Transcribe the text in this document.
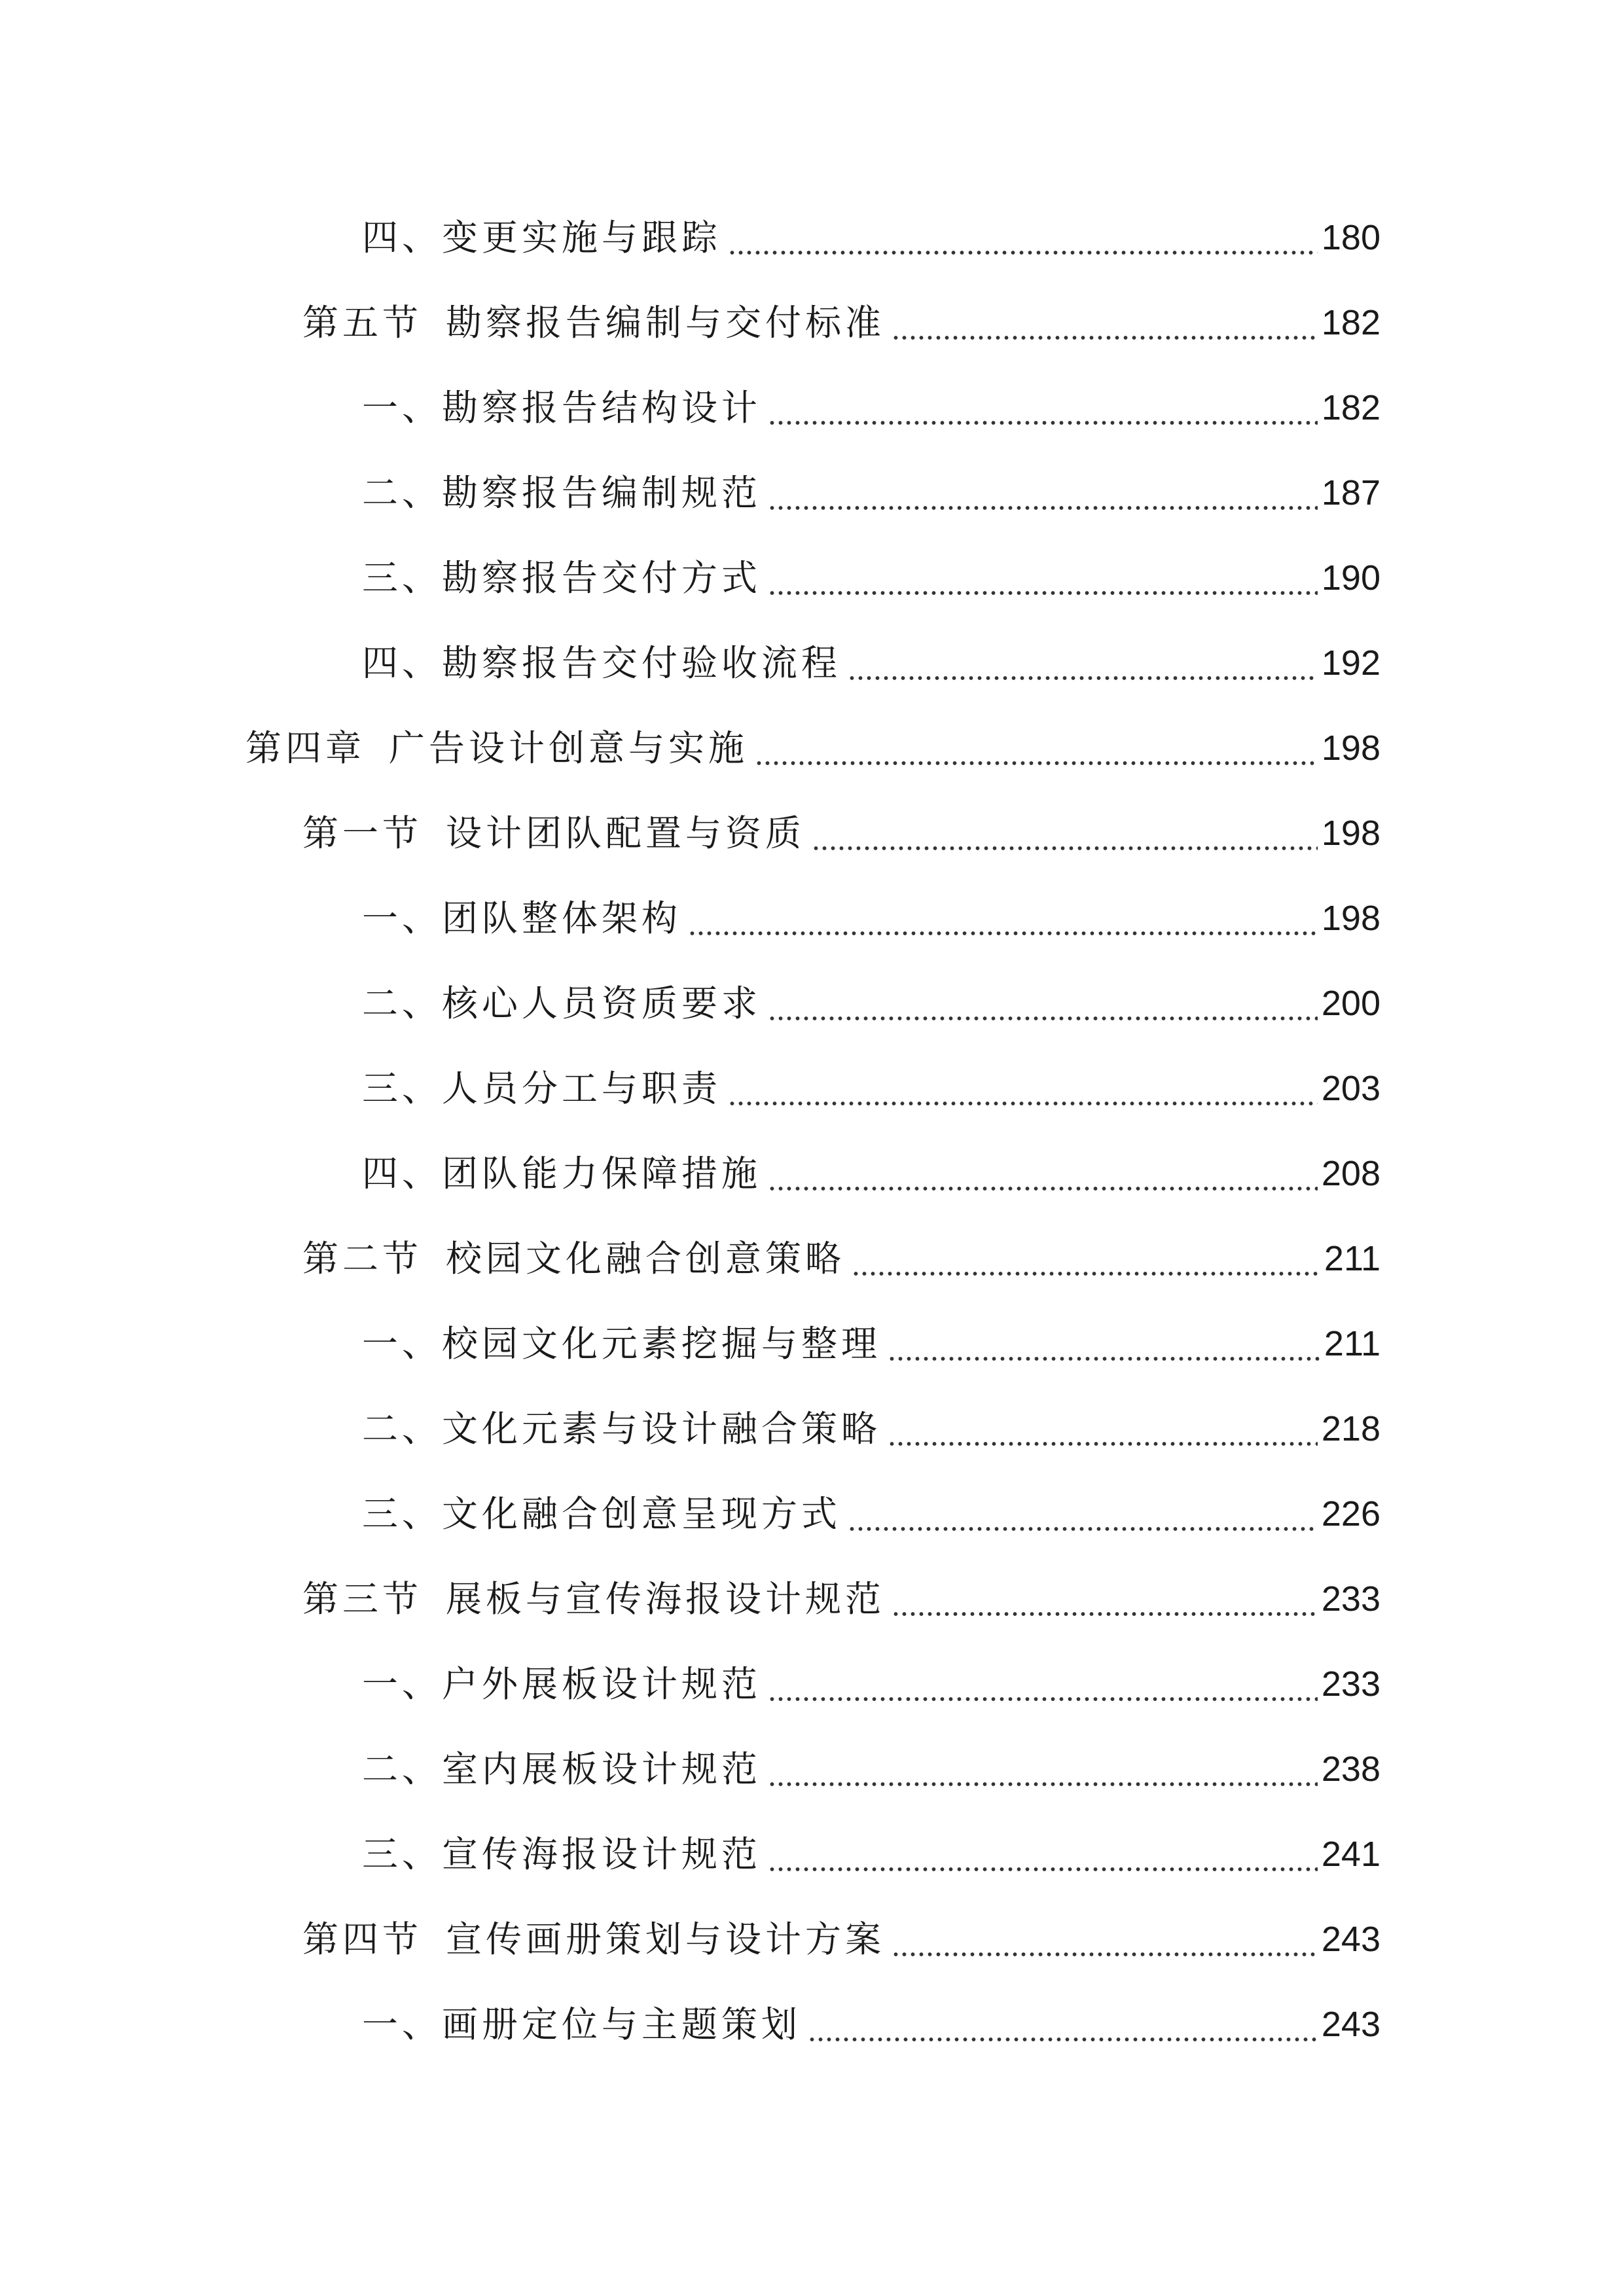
四、变更实施与跟踪	180
第五节 勘察报告编制与交付标准	182
一、勘察报告结构设计	182
二、勘察报告编制规范	187
三、勘察报告交付方式	190
四、勘察报告交付验收流程	192
第四章 广告设计创意与实施	198
第一节 设计团队配置与资质	198
一、团队整体架构	198
二、核心人员资质要求	200
三、人员分工与职责	203
四、团队能力保障措施	208
第二节 校园文化融合创意策略	211
一、校园文化元素挖掘与整理	211
二、文化元素与设计融合策略	218
三、文化融合创意呈现方式	226
第三节 展板与宣传海报设计规范	233
一、户外展板设计规范	233
二、室内展板设计规范	238
三、宣传海报设计规范	241
第四节 宣传画册策划与设计方案	243
一、画册定位与主题策划	243
